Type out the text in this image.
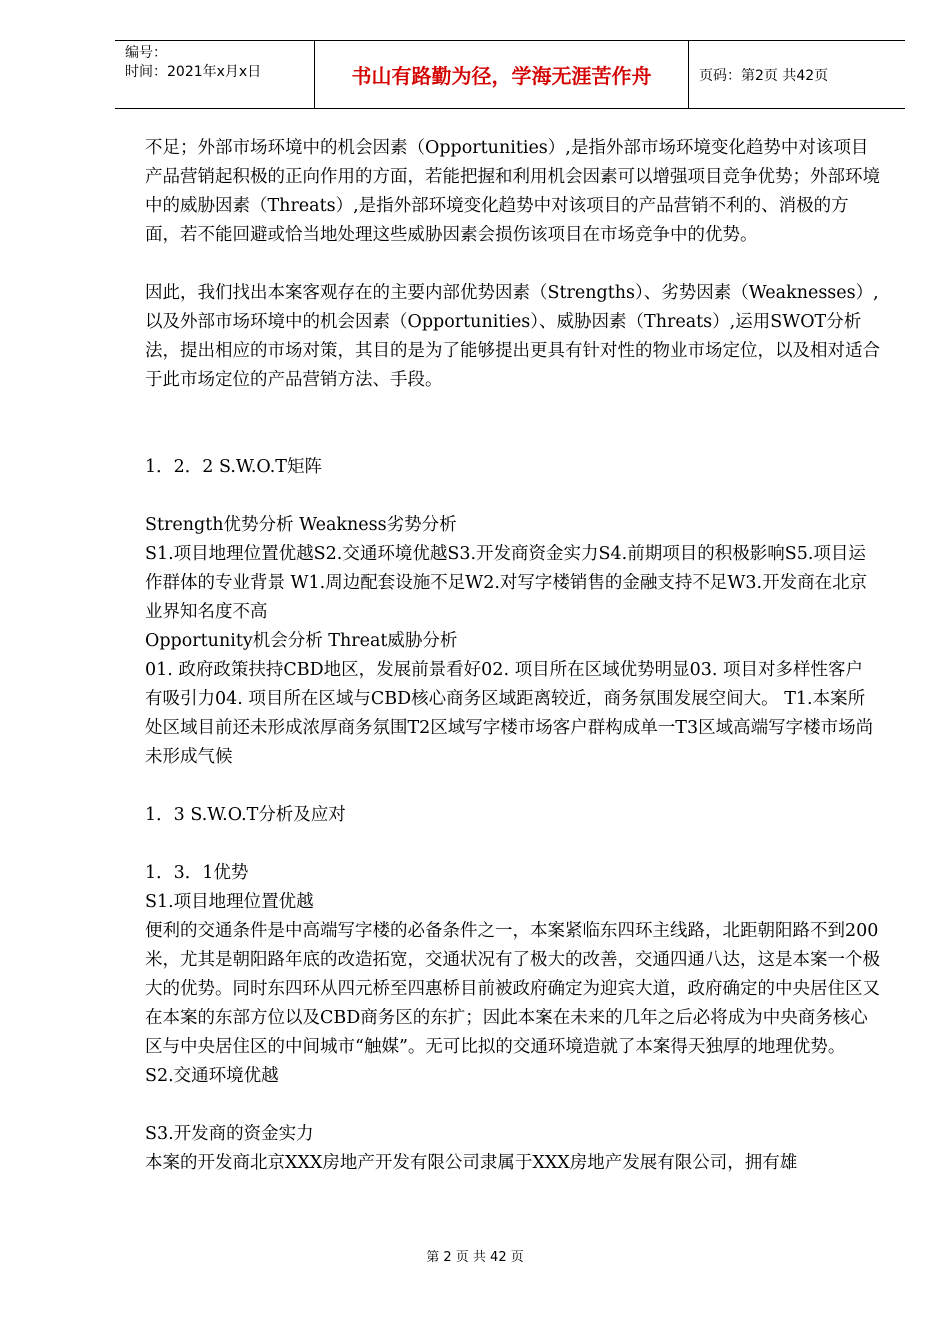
编号：
时间：2021年x月x日	书山有路勤为径，学海无涯苦作舟	页码：第2页 共42页

不足；外部市场环境中的机会因素（Opportunities）,是指外部市场环境变化趋势中对该项目产品营销起积极的正向作用的方面，若能把握和利用机会因素可以增强项目竞争优势；外部环境中的威胁因素（Threats）,是指外部环境变化趋势中对该项目的产品营销不利的、消极的方面，若不能回避或恰当地处理这些威胁因素会损伤该项目在市场竞争中的优势。

因此，我们找出本案客观存在的主要内部优势因素（Strengths）、劣势因素（Weaknesses）,以及外部市场环境中的机会因素（Opportunities）、威胁因素（Threats）,运用SWOT分析法，提出相应的市场对策，其目的是为了能够提出更具有针对性的物业市场定位，以及相对适合于此市场定位的产品营销方法、手段。

1．2．2 S.W.O.T矩阵

Strength优势分析 Weakness劣势分析

S1.项目地理位置优越S2.交通环境优越S3.开发商资金实力S4.前期项目的积极影响S5.项目运作群体的专业背景 W1.周边配套设施不足W2.对写字楼销售的金融支持不足W3.开发商在北京业界知名度不高

Opportunity机会分析 Threat威胁分析

01. 政府政策扶持CBD地区，发展前景看好02. 项目所在区域优势明显03. 项目对多样性客户有吸引力04. 项目所在区域与CBD核心商务区域距离较近，商务氛围发展空间大。 T1.本案所处区域目前还未形成浓厚商务氛围T2区域写字楼市场客户群构成单一T3区域高端写字楼市场尚未形成气候

1．3 S.W.O.T分析及应对

1．3．1优势

S1.项目地理位置优越

便利的交通条件是中高端写字楼的必备条件之一，本案紧临东四环主线路，北距朝阳路不到200米，尤其是朝阳路年底的改造拓宽，交通状况有了极大的改善，交通四通八达，这是本案一个极大的优势。同时东四环从四元桥至四惠桥目前被政府确定为迎宾大道，政府确定的中央居住区又在本案的东部方位以及CBD商务区的东扩；因此本案在未来的几年之后必将成为中央商务核心区与中央居住区的中间城市“触媒”。无可比拟的交通环境造就了本案得天独厚的地理优势。

S2.交通环境优越

S3.开发商的资金实力

本案的开发商北京XXX房地产开发有限公司隶属于XXX房地产发展有限公司，拥有雄

第 2 页 共 42 页
